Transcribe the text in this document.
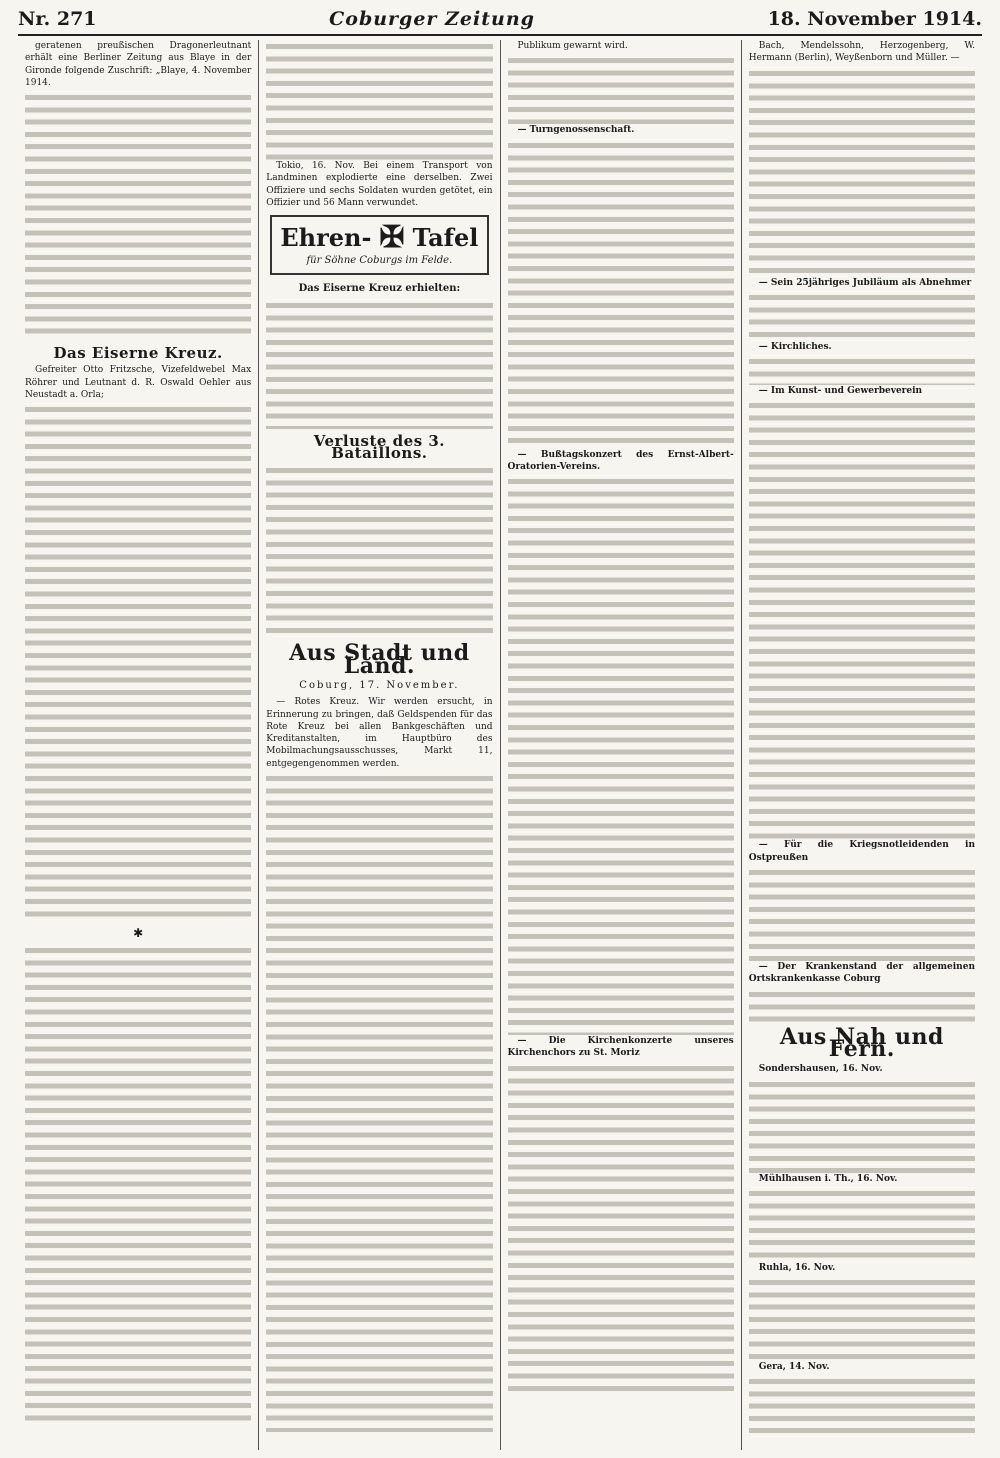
Nr. 271	Coburger Zeitung	18. November 1914.

geratenen preußischen Dragonerleutnant erhält eine Berliner Zeitung aus Blaye in der Gironde folgende Zuschrift: „Blaye, 4. November 1914.

Das Eiserne Kreuz.

Gefreiter Otto Fritzsche, Vizefeldwebel Max Röhrer und Leutnant d. R. Oswald Oehler aus Neustadt a. Orla;

✱

Tokio, 16. Nov. Bei einem Transport von Landminen explodierte eine derselben. Zwei Offiziere und sechs Soldaten wurden getötet, ein Offizier und 56 Mann verwundet.

Ehren- ✠ Tafel
für Söhne Coburgs im Felde.
Das Eiserne Kreuz erhielten:
Verluste des 3. Bataillons.
Aus Stadt und Land.
Coburg, 17. November.

— Rotes Kreuz. Wir werden ersucht, in Erinnerung zu bringen, daß Geldspenden für das Rote Kreuz bei allen Bankgeschäften und Kreditanstalten, im Hauptbüro des Mobilmachungsausschusses, Markt 11, entgegengenommen werden.

Publikum gewarnt wird.

— Turngenossenschaft.

— Bußtagskonzert des Ernst-Albert-Oratorien-Vereins.

— Die Kirchenkonzerte unseres Kirchenchors zu St. Moriz

Bach, Mendelssohn, Herzogenberg, W. Hermann (Berlin), Weyßenborn und Müller. —

— Sein 25jähriges Jubiläum als Abnehmer

— Kirchliches.

— Im Kunst- und Gewerbeverein

— Für die Kriegsnotleidenden in Ostpreußen

— Der Krankenstand der allgemeinen Ortskrankenkasse Coburg

Aus Nah und Fern.

Sondershausen, 16. Nov.

Mühlhausen i. Th., 16. Nov.

Ruhla, 16. Nov.

Gera, 14. Nov.
